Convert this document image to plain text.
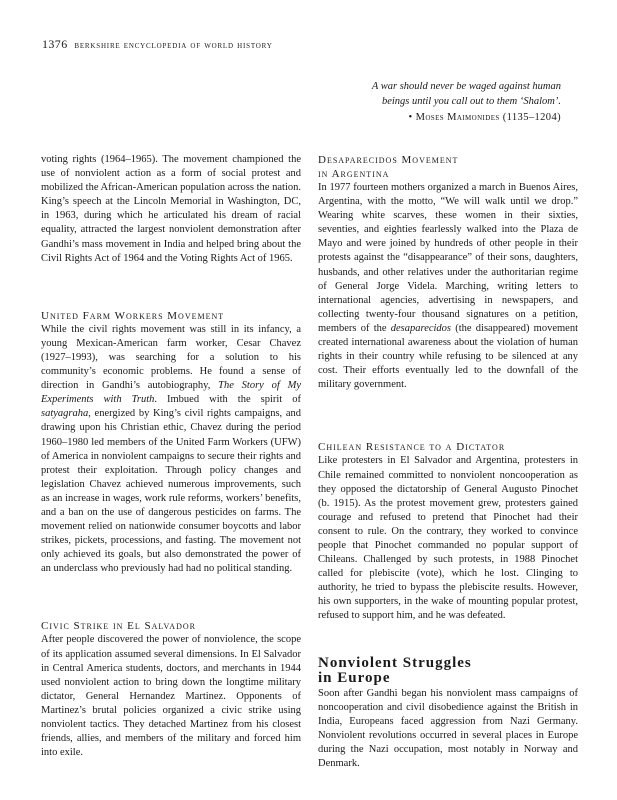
1376 berkshire encyclopedia of world history
A war should never be waged against human
beings until you call out to them ‘Shalom’.
• Moses Maimonides (1135–1204)

voting rights (1964–1965). The movement championed the use of nonviolent action as a form of social protest and mobilized the African-American population across the nation. King’s speech at the Lincoln Memorial in Washington, DC, in 1963, during which he articulated his dream of racial equality, attracted the largest nonviolent demonstration after Gandhi’s mass movement in India and helped bring about the Civil Rights Act of 1964 and the Voting Rights Act of 1965.

United Farm Workers Movement

While the civil rights movement was still in its infancy, a young Mexican-American farm worker, Cesar Chavez (1927–1993), was searching for a solution to his community’s economic problems. He found a sense of direction in Gandhi’s autobiography, The Story of My Experiments with Truth. Imbued with the spirit of satyagraha, energized by King’s civil rights campaigns, and drawing upon his Christian ethic, Chavez during the period 1960–1980 led members of the United Farm Workers (UFW) of America in nonviolent campaigns to secure their rights and protest their exploitation. Through policy changes and legislation Chavez achieved numerous improvements, such as an increase in wages, work rule reforms, workers’ benefits, and a ban on the use of dangerous pesticides on farms. The movement relied on nationwide consumer boycotts and labor strikes, pickets, processions, and fasting. The movement not only achieved its goals, but also demonstrated the power of an underclass who previously had had no political standing.

Civic Strike in El Salvador

After people discovered the power of nonviolence, the scope of its application assumed several dimensions. In El Salvador in Central America students, doctors, and merchants in 1944 used nonviolent action to bring down the longtime military dictator, General Hernandez Martinez. Opponents of Martinez’s brutal policies organized a civic strike using nonviolent tactics. They detached Martinez from his closest friends, allies, and members of the military and forced him into exile.

Desaparecidos Movement
in Argentina

In 1977 fourteen mothers organized a march in Buenos Aires, Argentina, with the motto, “We will walk until we drop.” Wearing white scarves, these women in their sixties, seventies, and eighties fearlessly walked into the Plaza de Mayo and were joined by hundreds of other people in their protests against the “disappearance” of their sons, daughters, husbands, and other relatives under the authoritarian regime of General Jorge Videla. Marching, writing letters to international agencies, advertising in newspapers, and collecting twenty-four thousand signatures on a petition, members of the desaparecidos (the disappeared) movement created international awareness about the violation of human rights in their country while refusing to be silenced at any cost. Their efforts eventually led to the downfall of the military government.

Chilean Resistance to a Dictator

Like protesters in El Salvador and Argentina, protesters in Chile remained committed to nonviolent noncooperation as they opposed the dictatorship of General Augusto Pinochet (b. 1915). As the protest movement grew, protesters gained courage and refused to pretend that Pinochet had their consent to rule. On the contrary, they worked to convince people that Pinochet commanded no popular support of Chileans. Challenged by such protests, in 1988 Pinochet called for plebiscite (vote), which he lost. Clinging to authority, he tried to bypass the plebiscite results. However, his own supporters, in the wake of mounting popular protest, refused to support him, and he was defeated.

Nonviolent Struggles
in Europe

Soon after Gandhi began his nonviolent mass campaigns of noncooperation and civil disobedience against the British in India, Europeans faced aggression from Nazi Germany. Nonviolent revolutions occurred in several places in Europe during the Nazi occupation, most notably in Norway and Denmark.
